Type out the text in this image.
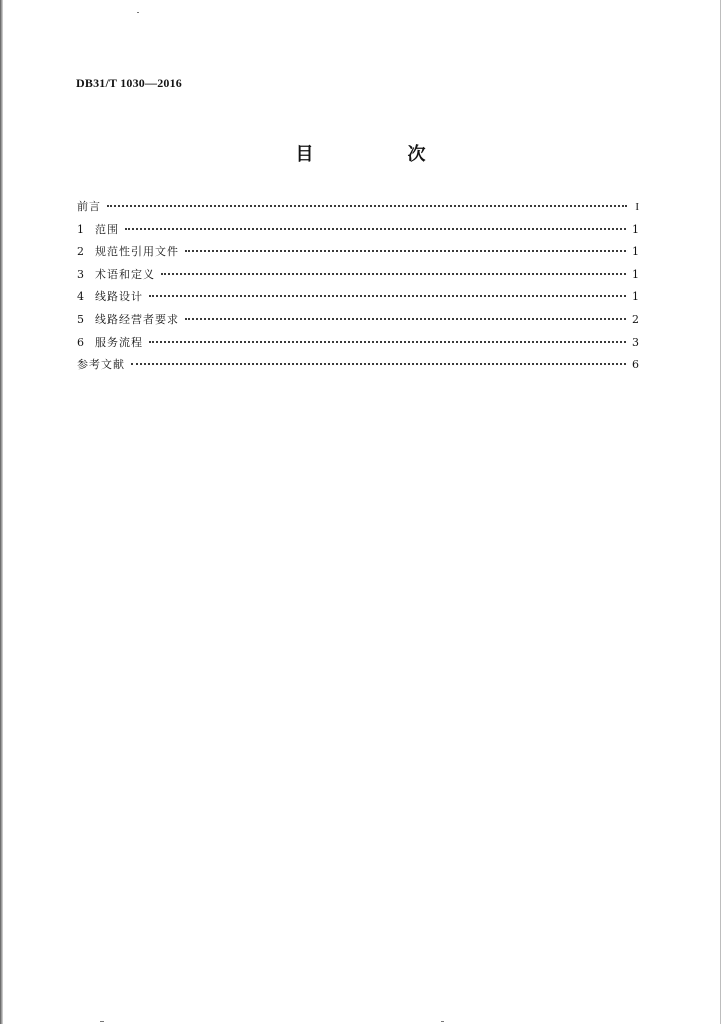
DB31/T 1030—2016
目　次
前言	I
1	范围	1
2	规范性引用文件	1
3	术语和定义	1
4	线路设计	1
5	线路经营者要求	2
6	服务流程	3
参考文献	6
